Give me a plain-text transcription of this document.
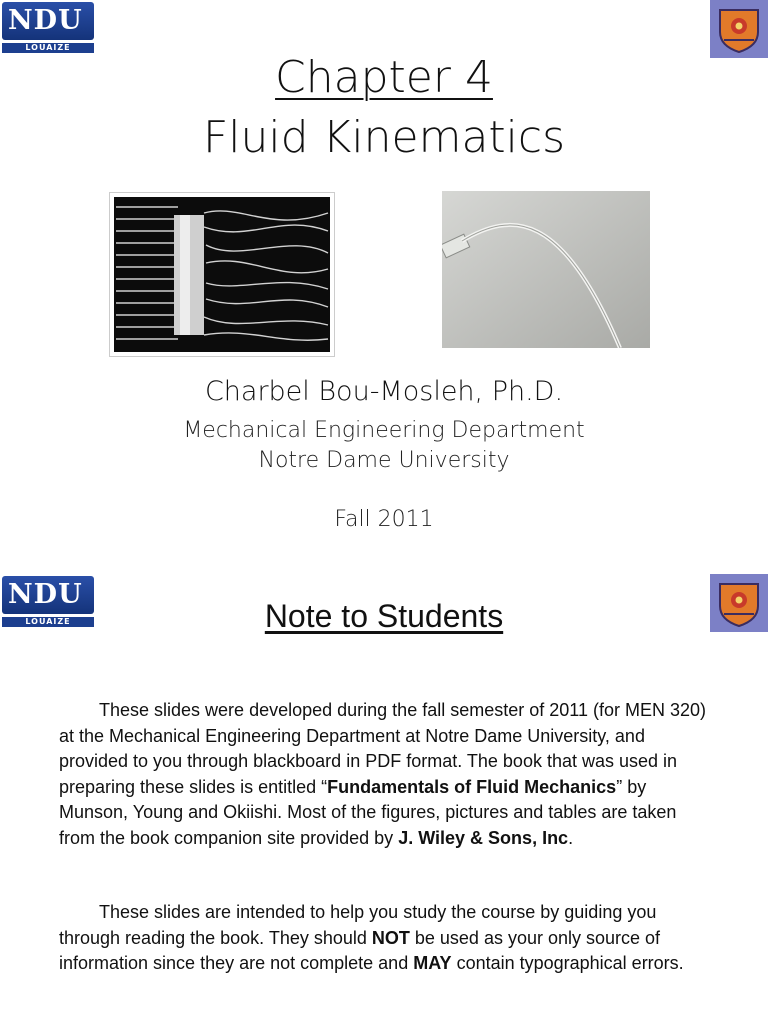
NDU
LOUAIZE
Chapter 4
Fluid Kinematics
Charbel Bou-Mosleh, Ph.D.
Mechanical Engineering Department
Notre Dame University
Fall 2011
NDU
LOUAIZE	Note to Students
These slides were developed during the fall semester of 2011 (for MEN 320) at the Mechanical Engineering Department at Notre Dame University, and provided to you through blackboard in PDF format. The book that was used in preparing these slides is entitled “Fundamentals of Fluid Mechanics” by Munson, Young and Okiishi. Most of the figures, pictures and tables are taken from the book companion site provided by J. Wiley & Sons, Inc.
These slides are intended to help you study the course by guiding you through reading the book. They should NOT be used as your only source of information since they are not complete and MAY contain typographical errors.
